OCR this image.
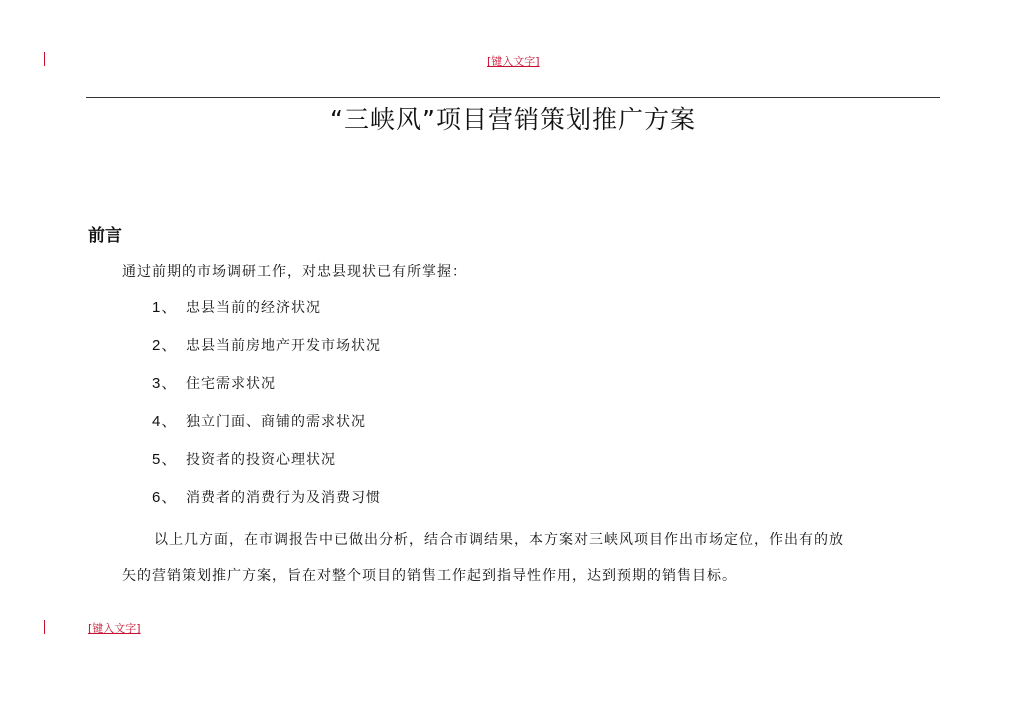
[键入文字]
“三峡风”项目营销策划推广方案
前言

通过前期的市场调研工作，对忠县现状已有所掌握：

1、 忠县当前的经济状况
2、 忠县当前房地产开发市场状况
3、 住宅需求状况
4、 独立门面、商铺的需求状况
5、 投资者的投资心理状况
6、 消费者的消费行为及消费习惯

以上几方面，在市调报告中已做出分析，结合市调结果，本方案对三峡风项目作出市场定位，作出有的放
矢的营销策划推广方案，旨在对整个项目的销售工作起到指导性作用，达到预期的销售目标。

[键入文字]
